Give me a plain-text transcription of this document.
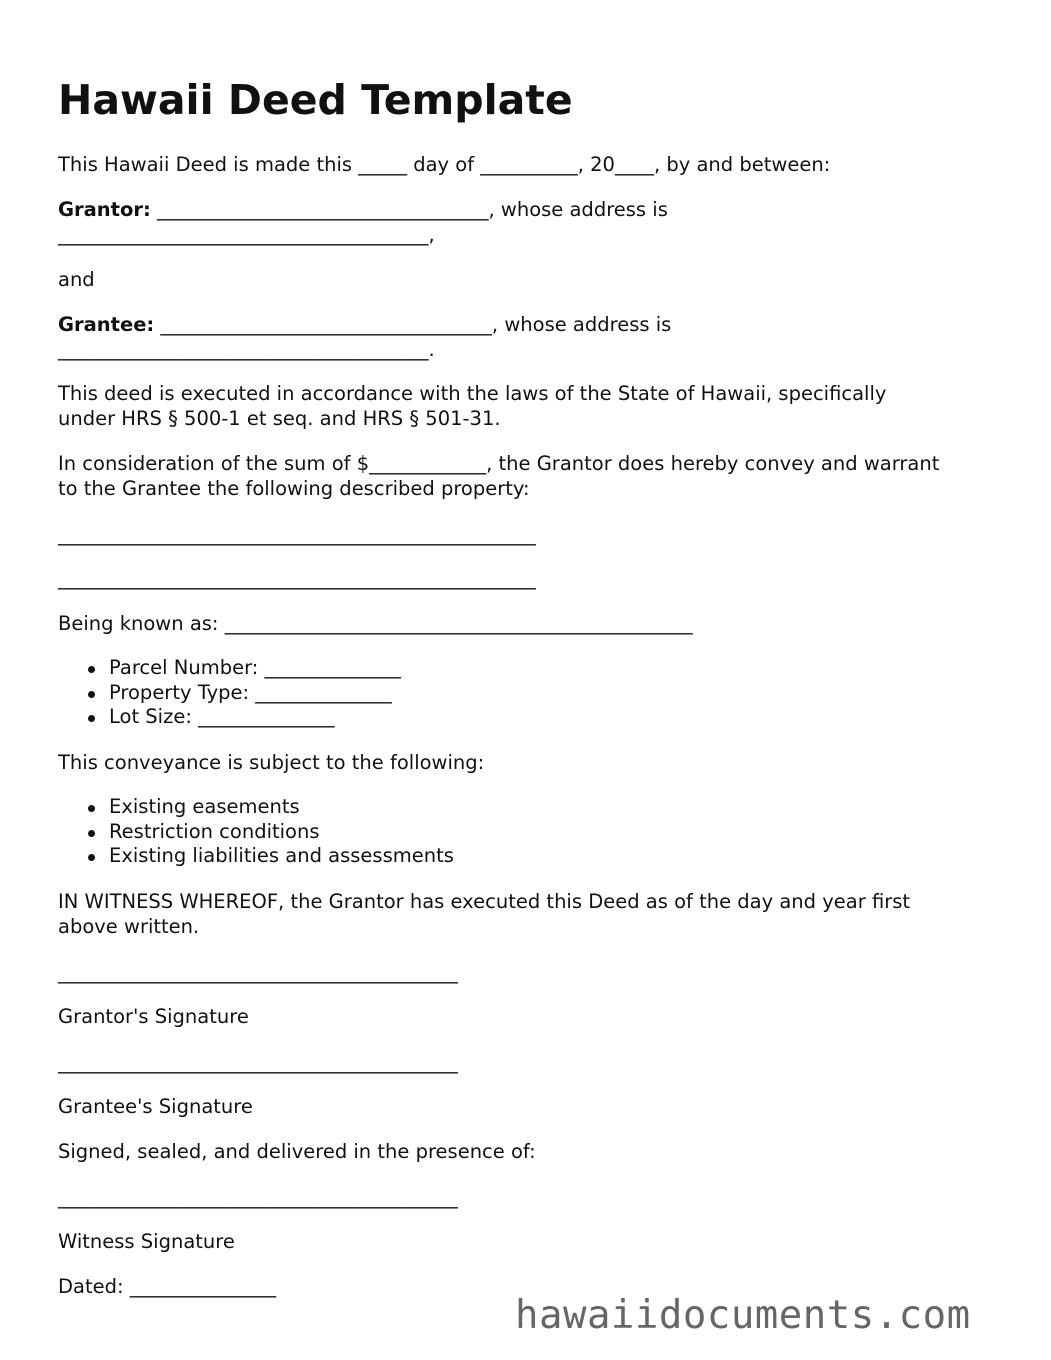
Hawaii Deed Template

This Hawaii Deed is made this _____ day of __________, 20____, by and between:

Grantor: __________________________________, whose address is

______________________________________,

and

Grantee: __________________________________, whose address is

______________________________________.

This deed is executed in accordance with the laws of the State of Hawaii, specifically

under HRS § 500-1 et seq. and HRS § 501-31.

In consideration of the sum of $____________, the Grantor does hereby convey and warrant

to the Grantee the following described property:

_________________________________________________

_________________________________________________

Being known as: ________________________________________________

Parcel Number: ______________
Property Type: ______________
Lot Size: ______________

This conveyance is subject to the following:

Existing easements
Restriction conditions
Existing liabilities and assessments

IN WITNESS WHEREOF, the Grantor has executed this Deed as of the day and year first

above written.

_________________________________________

Grantor's Signature

_________________________________________

Grantee's Signature

Signed, sealed, and delivered in the presence of:

_________________________________________

Witness Signature

Dated: _______________

hawaiidocuments.com
